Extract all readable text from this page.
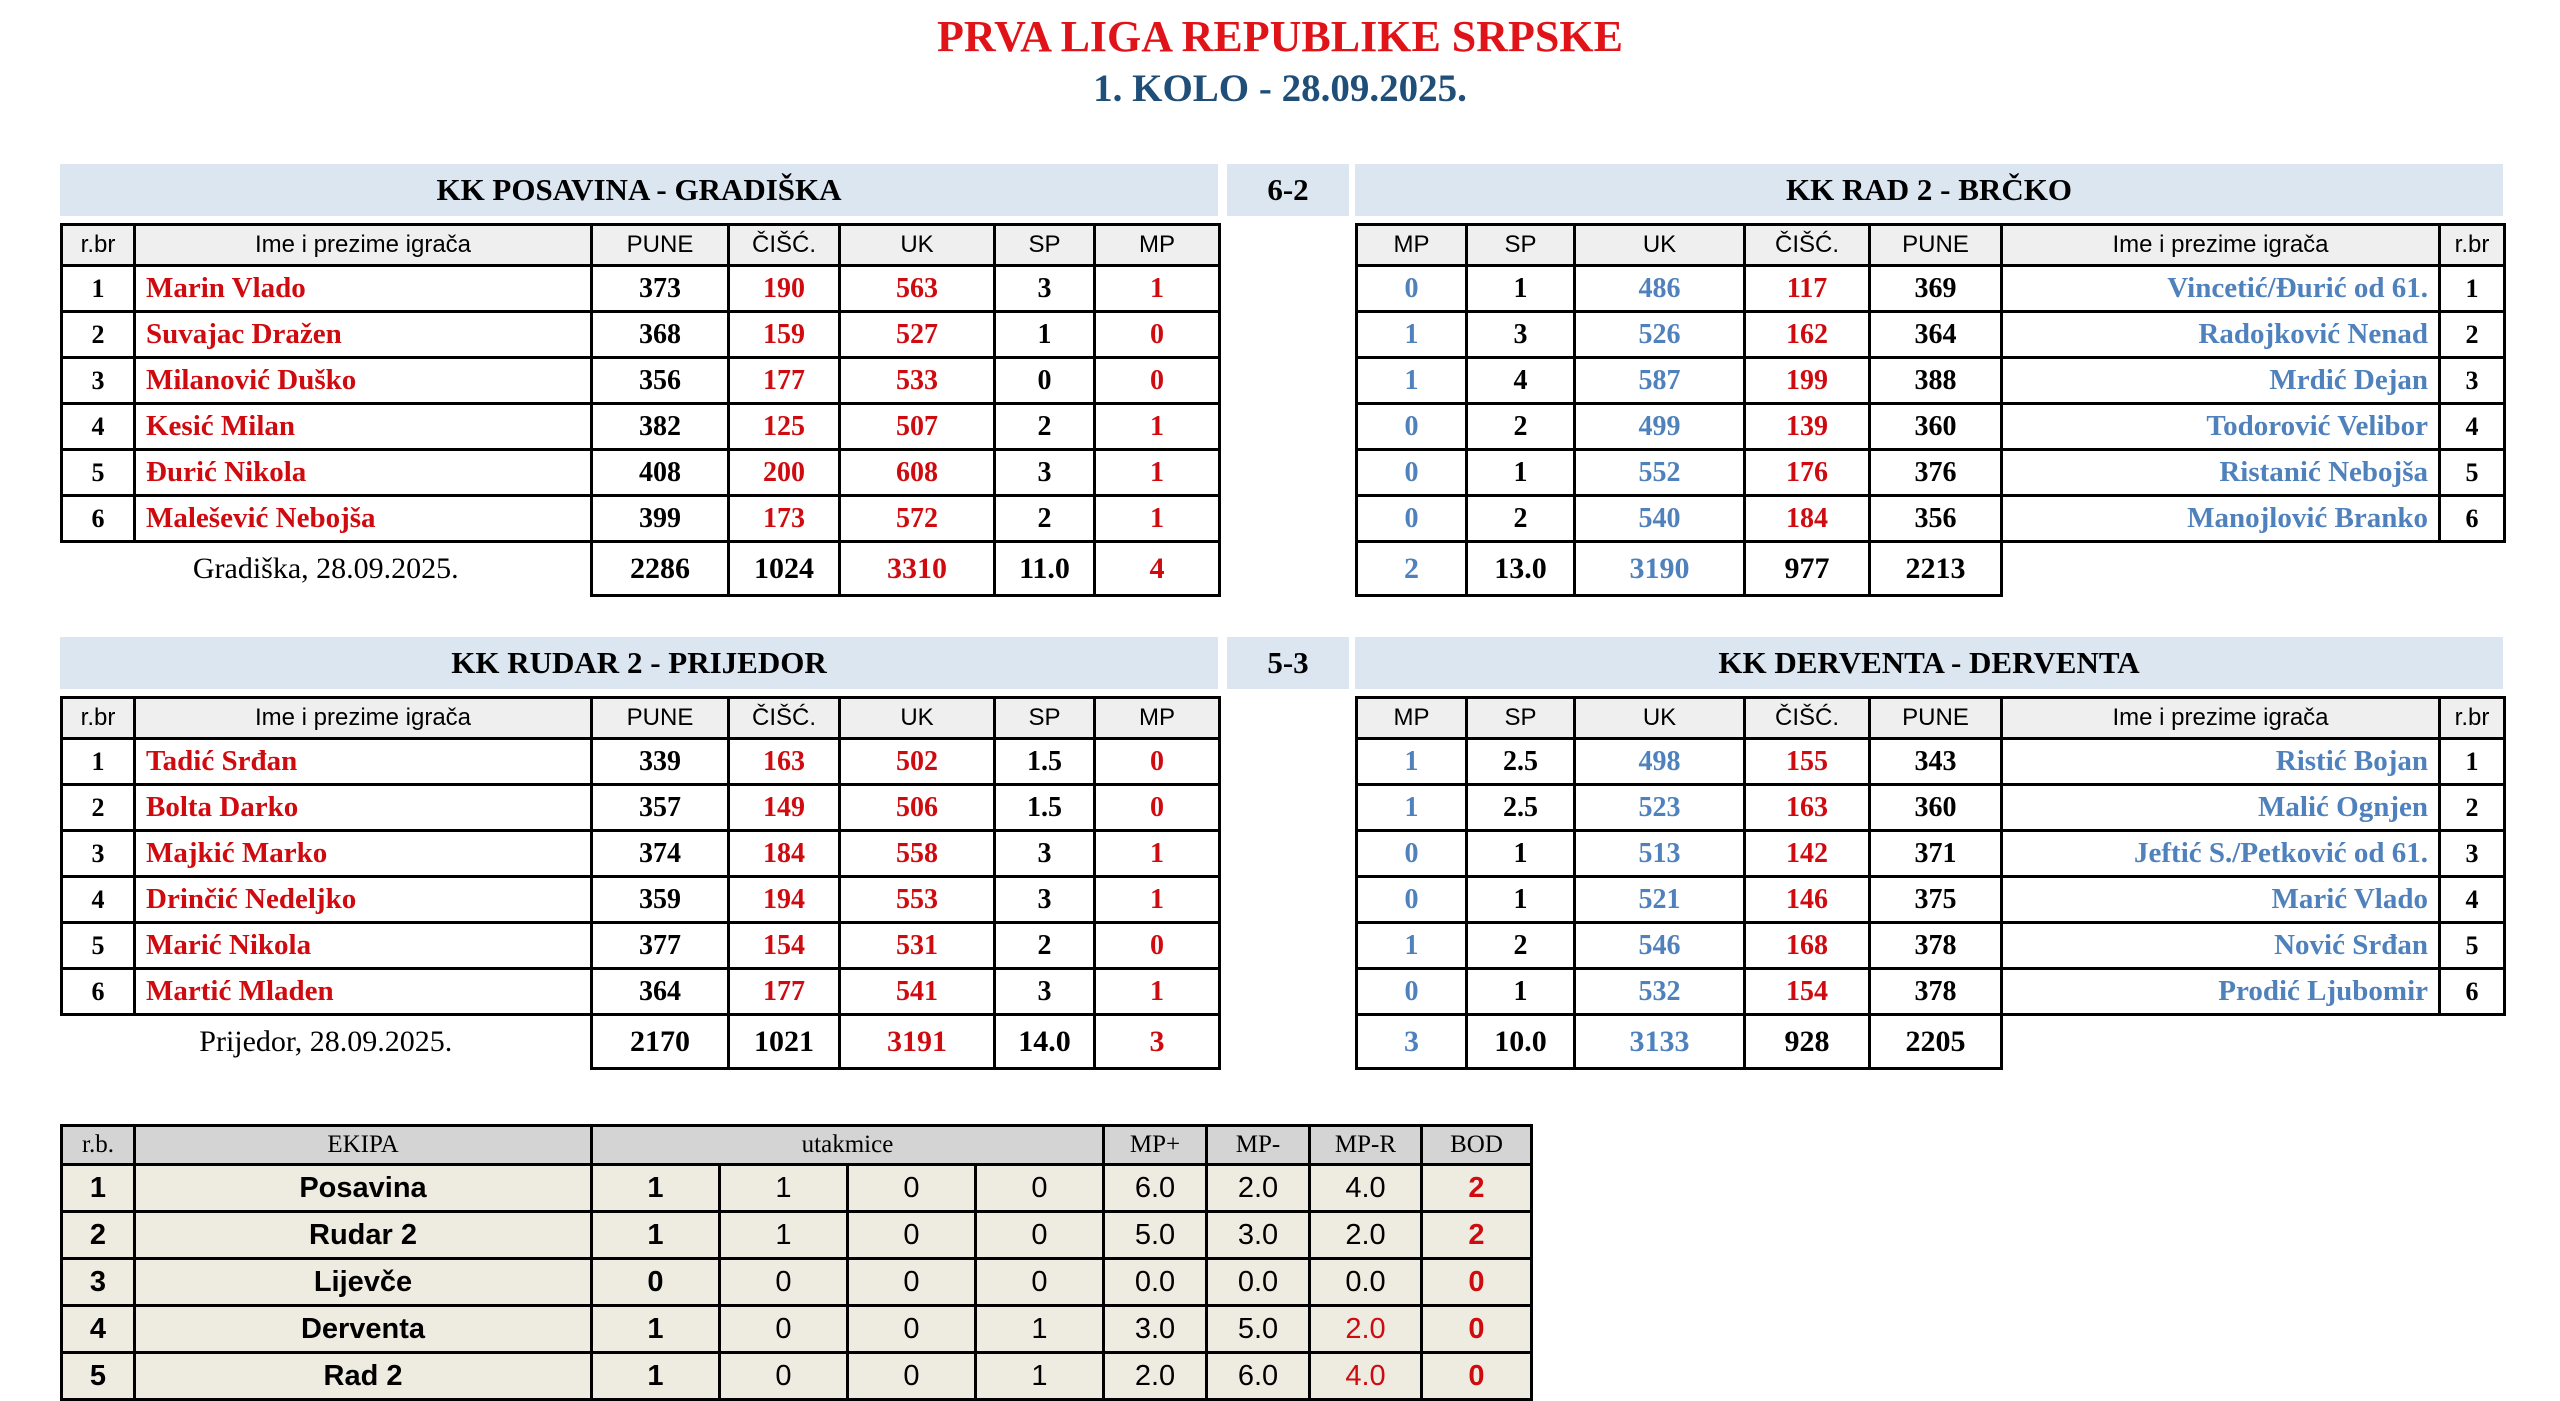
PRVA LIGA REPUBLIKE SRPSKE
1. KOLO - 28.09.2025.
KK POSAVINA - GRADIŠKA
r.br	Ime i prezime igrača	PUNE	ČIŠĆ.	UK	SP	MP
1	Marin Vlado	373	190	563	3	1
2	Suvajac Dražen	368	159	527	1	0
3	Milanović Duško	356	177	533	0	0
4	Kesić Milan	382	125	507	2	1
5	Đurić Nikola	408	200	608	3	1
6	Malešević Nebojša	399	173	572	2	1
Gradiška, 28.09.2025.		2286	1024	3310	11.0	4
6-2	KK RAD 2 - BRČKO
MP	SP	UK	ČIŠĆ.	PUNE	Ime i prezime igrača	r.br
0	1	486	117	369	Vincetić/Đurić od 61.	1
1	3	526	162	364	Radojković Nenad	2
1	4	587	199	388	Mrdić Dejan	3
0	2	499	139	360	Todorović Velibor	4
0	1	552	176	376	Ristanić Nebojša	5
0	2	540	184	356	Manojlović Branko	6
2	13.0	3190	977	2213		
KK RUDAR 2 - PRIJEDOR
r.br	Ime i prezime igrača	PUNE	ČIŠĆ.	UK	SP	MP
1	Tadić Srđan	339	163	502	1.5	0
2	Bolta Darko	357	149	506	1.5	0
3	Majkić Marko	374	184	558	3	1
4	Drinčić Nedeljko	359	194	553	3	1
5	Marić Nikola	377	154	531	2	0
6	Martić Mladen	364	177	541	3	1
Prijedor, 28.09.2025.		2170	1021	3191	14.0	3
5-3	KK DERVENTA - DERVENTA
MP	SP	UK	ČIŠĆ.	PUNE	Ime i prezime igrača	r.br
1	2.5	498	155	343	Ristić Bojan	1
1	2.5	523	163	360	Malić Ognjen	2
0	1	513	142	371	Jeftić S./Petković od 61.	3
0	1	521	146	375	Marić Vlado	4
1	2	546	168	378	Nović Srđan	5
0	1	532	154	378	Prodić Ljubomir	6
3	10.0	3133	928	2205		
r.b.	EKIPA	utakmice				MP+	MP-	MP-R	BOD
1	Posavina	1	1	0	0	6.0	2.0	4.0	2
2	Rudar 2	1	1	0	0	5.0	3.0	2.0	2
3	Lijevče	0	0	0	0	0.0	0.0	0.0	0
4	Derventa	1	0	0	1	3.0	5.0	2.0	0
5	Rad 2	1	0	0	1	2.0	6.0	4.0	0
